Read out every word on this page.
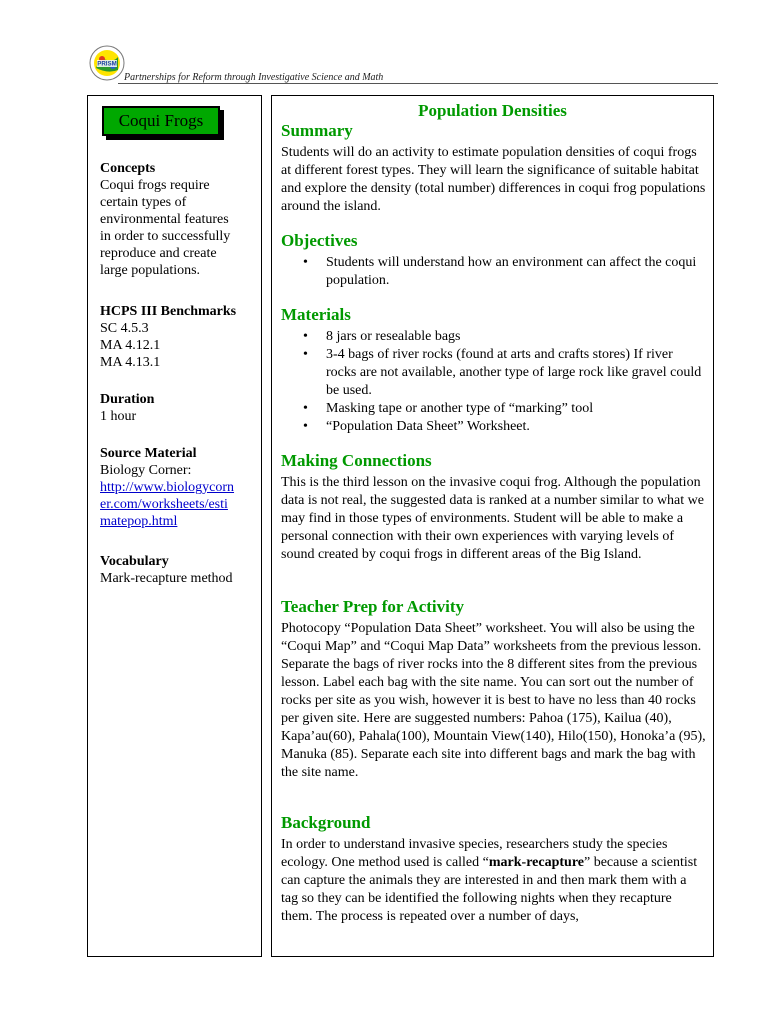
PRISM
Partnerships for Reform through Investigative Science and Math
Coqui Frogs
Concepts
Coqui frogs require
certain types of
environmental features
in order to successfully
reproduce and create
large populations.
HCPS III Benchmarks
SC 4.5.3
MA 4.12.1
MA 4.13.1
Duration
1 hour
Source Material
Biology Corner:
http://www.biologycorn
er.com/worksheets/esti
matepop.html
Vocabulary
Mark-recapture method
Population Densities
Summary

Students will do an activity to estimate population densities of coqui frogs at different forest types. They will learn the significance of suitable habitat and explore the density (total number) differences in coqui frog populations around the island.

Objectives
• Students will understand how an environment can affect the coqui population.
Materials
• 8 jars or resealable bags
• 3-4 bags of river rocks (found at arts and crafts stores) If river rocks are not available, another type of large rock like gravel could be used.
• Masking tape or another type of “marking” tool
• “Population Data Sheet” Worksheet.
Making Connections

This is the third lesson on the invasive coqui frog. Although the population data is not real, the suggested data is ranked at a number similar to what we may find in those types of environments. Student will be able to make a personal connection with their own experiences with varying levels of sound created by coqui frogs in different areas of the Big Island.

Teacher Prep for Activity

Photocopy “Population Data Sheet” worksheet. You will also be using the “Coqui Map” and “Coqui Map Data” worksheets from the previous lesson.

Separate the bags of river rocks into the 8 different sites from the previous lesson. Label each bag with the site name. You can sort out the number of rocks per site as you wish, however it is best to have no less than 40 rocks per given site. Here are suggested numbers: Pahoa (175), Kailua (40), Kapa’au(60), Pahala(100), Mountain View(140), Hilo(150), Honoka’a (95), Manuka (85). Separate each site into different bags and mark the bag with the site name.

Background

In order to understand invasive species, researchers study the species ecology. One method used is called “mark-recapture” because a scientist can capture the animals they are interested in and then mark them with a tag so they can be identified the following nights when they recapture them. The process is repeated over a number of days,
